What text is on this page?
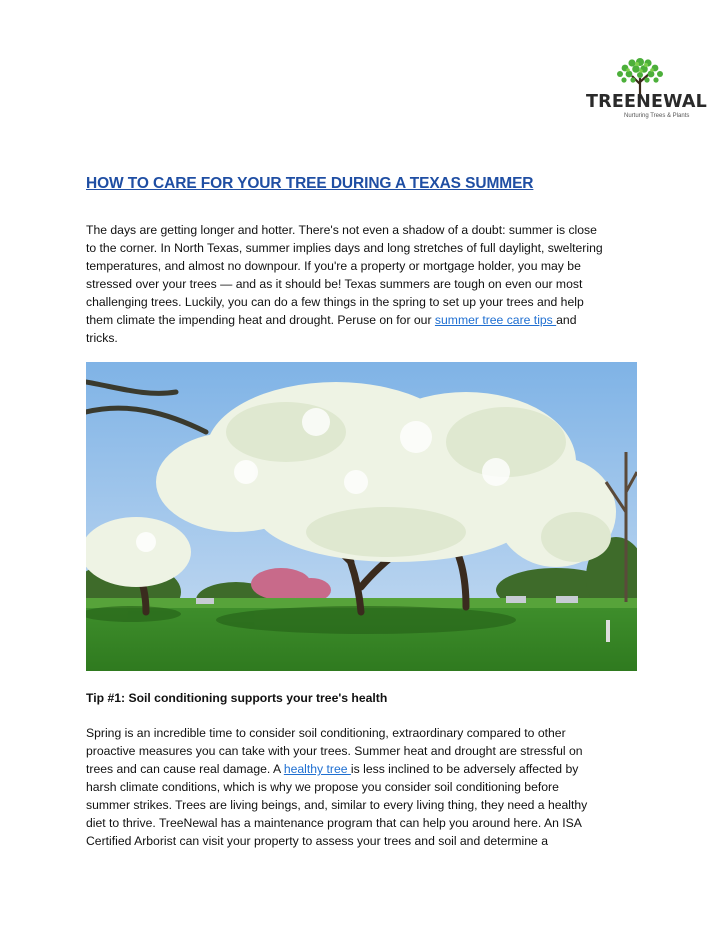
TREENEWAL
Nurturing Trees & Plants
HOW TO CARE FOR YOUR TREE DURING A TEXAS SUMMER
The days are getting longer and hotter. There's not even a shadow of a doubt: summer is close
to the corner. In North Texas, summer implies days and long stretches of full daylight, sweltering
temperatures, and almost no downpour. If you're a property or mortgage holder, you may be
stressed over your trees — and as it should be! Texas summers are tough on even our most
challenging trees. Luckily, you can do a few things in the spring to set up your trees and help
them climate the impending heat and drought. Peruse on for our summer tree care tips and
tricks.
Tip #1: Soil conditioning supports your tree's health
Spring is an incredible time to consider soil conditioning, extraordinary compared to other
proactive measures you can take with your trees. Summer heat and drought are stressful on
trees and can cause real damage. A healthy tree is less inclined to be adversely affected by
harsh climate conditions, which is why we propose you consider soil conditioning before
summer strikes. Trees are living beings, and, similar to every living thing, they need a healthy
diet to thrive. TreeNewal has a maintenance program that can help you around here. An ISA
Certified Arborist can visit your property to assess your trees and soil and determine a
